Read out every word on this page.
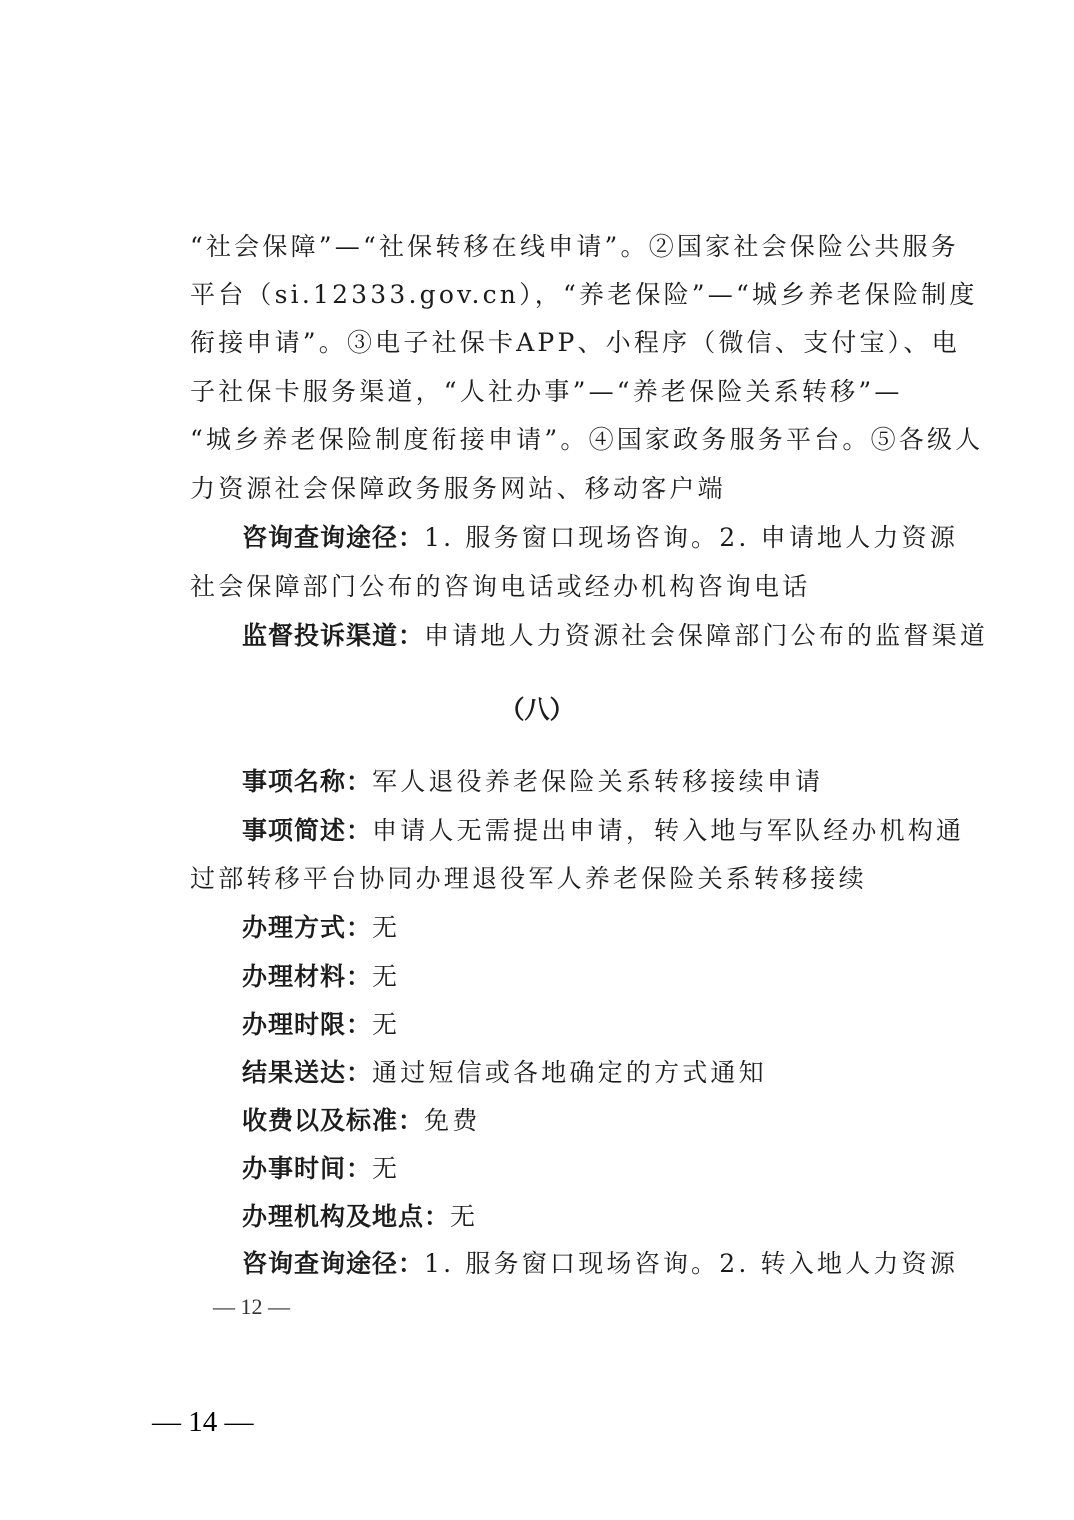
“社会保障”—“社保转移在线申请”。②国家社会保险公共服务
平台（si.12333.gov.cn），“养老保险”—“城乡养老保险制度
衔接申请”。③电子社保卡APP、小程序（微信、支付宝）、电
子社保卡服务渠道，“人社办事”—“养老保险关系转移”—
“城乡养老保险制度衔接申请”。④国家政务服务平台。⑤各级人
力资源社会保障政务服务网站、移动客户端
咨询查询途径：1. 服务窗口现场咨询。2. 申请地人力资源
社会保障部门公布的咨询电话或经办机构咨询电话
监督投诉渠道：申请地人力资源社会保障部门公布的监督渠道
（八）
事项名称：军人退役养老保险关系转移接续申请
事项简述：申请人无需提出申请，转入地与军队经办机构通
过部转移平台协同办理退役军人养老保险关系转移接续
办理方式：无
办理材料：无
办理时限：无
结果送达：通过短信或各地确定的方式通知
收费以及标准：免费
办事时间：无
办理机构及地点：无
咨询查询途径：1. 服务窗口现场咨询。2. 转入地人力资源
— 12 —
— 14 —
